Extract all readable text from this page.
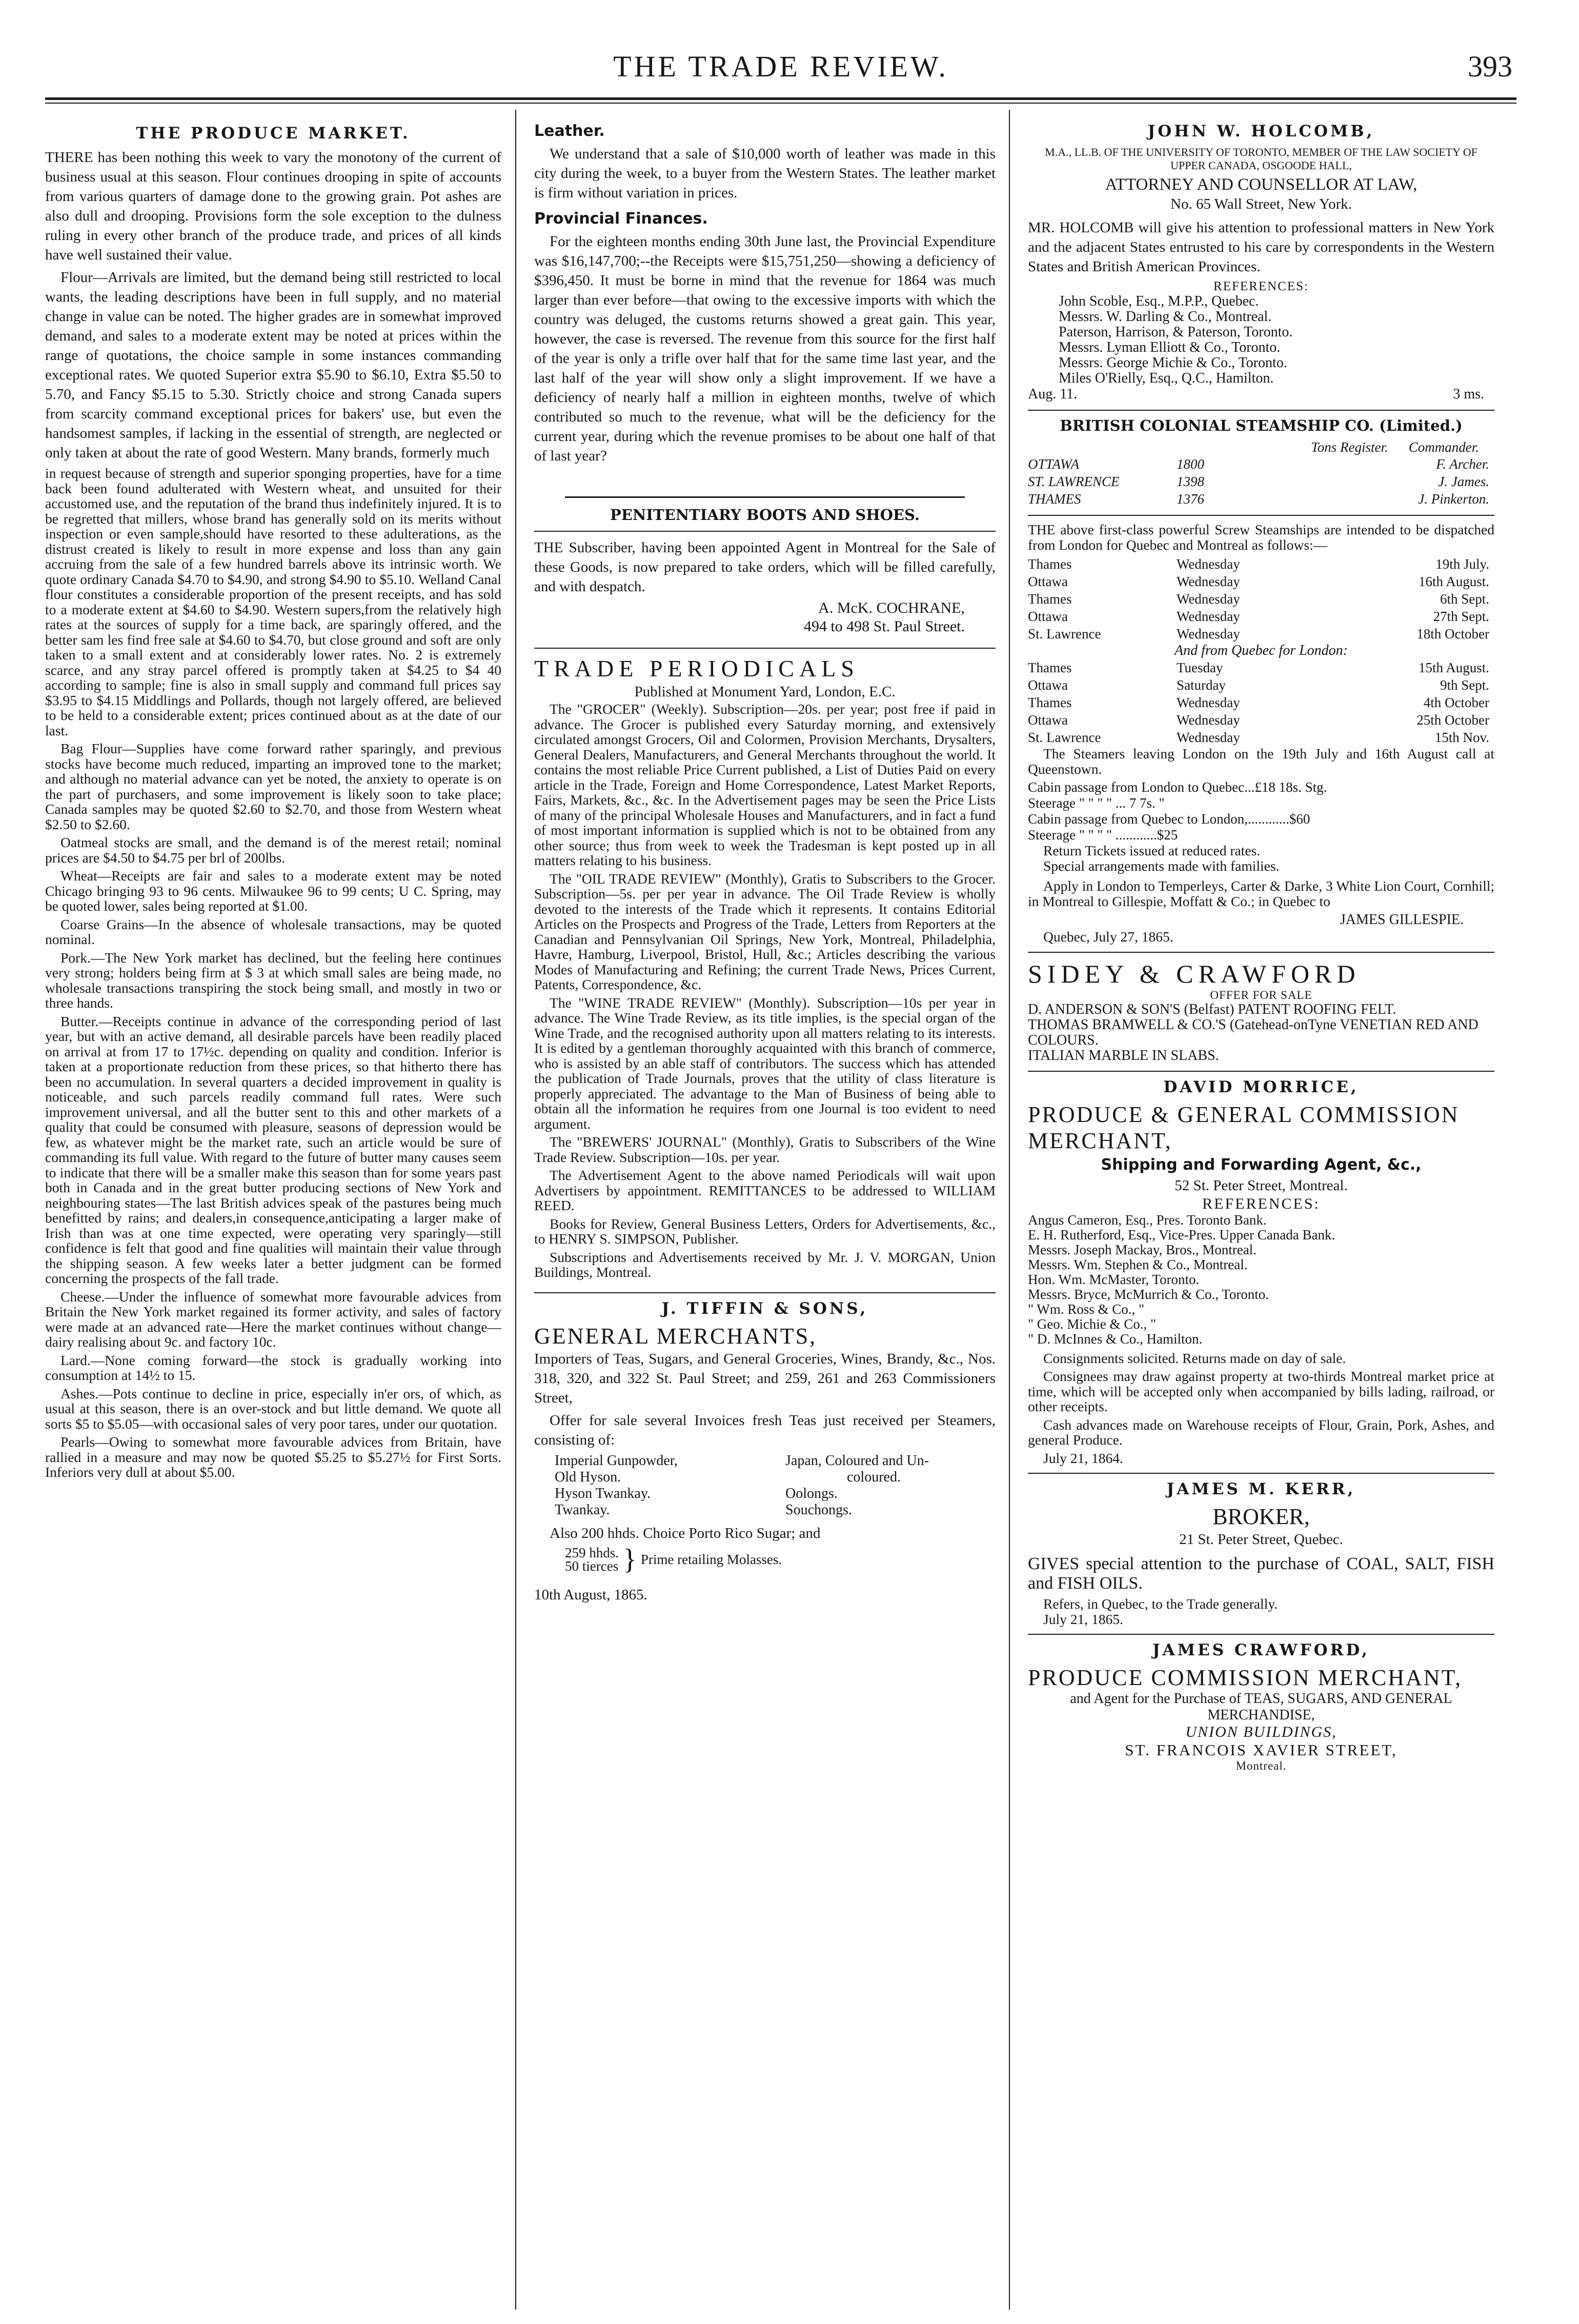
THE TRADE REVIEW.	393
THE PRODUCE MARKET.

THERE has been nothing this week to vary the monotony of the current of business usual at this season. Flour continues drooping in spite of accounts from various quarters of damage done to the growing grain. Pot ashes are also dull and drooping. Provisions form the sole exception to the dulness ruling in every other branch of the produce trade, and prices of all kinds have well sustained their value.

Flour—Arrivals are limited, but the demand being still restricted to local wants, the leading descriptions have been in full supply, and no material change in value can be noted. The higher grades are in somewhat improved demand, and sales to a moderate extent may be noted at prices within the range of quotations, the choice sample in some instances commanding exceptional rates. We quoted Superior extra $5.90 to $6.10, Extra $5.50 to 5.70, and Fancy $5.15 to 5.30. Strictly choice and strong Canada supers from scarcity command exceptional prices for bakers' use, but even the handsomest samples, if lacking in the essential of strength, are neglected or only taken at about the rate of good Western. Many brands, formerly much

in request because of strength and superior sponging properties, have for a time back been found adulterated with Western wheat, and unsuited for their accustomed use, and the reputation of the brand thus indefinitely injured. It is to be regretted that millers, whose brand has generally sold on its merits without inspection or even sample,should have resorted to these adulterations, as the distrust created is likely to result in more expense and loss than any gain accruing from the sale of a few hundred barrels above its intrinsic worth. We quote ordinary Canada $4.70 to $4.90, and strong $4.90 to $5.10. Welland Canal flour constitutes a considerable proportion of the present receipts, and has sold to a moderate extent at $4.60 to $4.90. Western supers,from the relatively high rates at the sources of supply for a time back, are sparingly offered, and the better sam les find free sale at $4.60 to $4.70, but close ground and soft are only taken to a small extent and at considerably lower rates. No. 2 is extremely scarce, and any stray parcel offered is promptly taken at $4.25 to $4 40 according to sample; fine is also in small supply and command full prices say $3.95 to $4.15 Middlings and Pollards, though not largely offered, are believed to be held to a considerable extent; prices continued about as at the date of our last.

Bag Flour—Supplies have come forward rather sparingly, and previous stocks have become much reduced, imparting an improved tone to the market; and although no material advance can yet be noted, the anxiety to operate is on the part of purchasers, and some improvement is likely soon to take place; Canada samples may be quoted $2.60 to $2.70, and those from Western wheat $2.50 to $2.60.

Oatmeal stocks are small, and the demand is of the merest retail; nominal prices are $4.50 to $4.75 per brl of 200lbs.

Wheat—Receipts are fair and sales to a moderate extent may be noted Chicago bringing 93 to 96 cents. Milwaukee 96 to 99 cents; U C. Spring, may be quoted lower, sales being reported at $1.00.

Coarse Grains—In the absence of wholesale transactions, may be quoted nominal.

Pork.—The New York market has declined, but the feeling here continues very strong; holders being firm at $ 3 at which small sales are being made, no wholesale transactions transpiring the stock being small, and mostly in two or three hands.

Butter.—Receipts continue in advance of the corresponding period of last year, but with an active demand, all desirable parcels have been readily placed on arrival at from 17 to 17½c. depending on quality and condition. Inferior is taken at a proportionate reduction from these prices, so that hitherto there has been no accumulation. In several quarters a decided improvement in quality is noticeable, and such parcels readily command full rates. Were such improvement universal, and all the butter sent to this and other markets of a quality that could be consumed with pleasure, seasons of depression would be few, as whatever might be the market rate, such an article would be sure of commanding its full value. With regard to the future of butter many causes seem to indicate that there will be a smaller make this season than for some years past both in Canada and in the great butter producing sections of New York and neighbouring states—The last British advices speak of the pastures being much benefitted by rains; and dealers,in consequence,anticipating a larger make of Irish than was at one time expected, were operating very sparingly—still confidence is felt that good and fine qualities will maintain their value through the shipping season. A few weeks later a better judgment can be formed concerning the prospects of the fall trade.

Cheese.—Under the influence of somewhat more favourable advices from Britain the New York market regained its former activity, and sales of factory were made at an advanced rate—Here the market continues without change—dairy realising about 9c. and factory 10c.

Lard.—None coming forward—the stock is gradually working into consumption at 14½ to 15.

Ashes.—Pots continue to decline in price, especially in'er ors, of which, as usual at this season, there is an over-stock and but little demand. We quote all sorts $5 to $5.05—with occasional sales of very poor tares, under our quotation.

Pearls—Owing to somewhat more favourable advices from Britain, have rallied in a measure and may now be quoted $5.25 to $5.27½ for First Sorts. Inferiors very dull at about $5.00.

Leather.

We understand that a sale of $10,000 worth of leather was made in this city during the week, to a buyer from the Western States. The leather market is firm without variation in prices.

Provincial Finances.

For the eighteen months ending 30th June last, the Provincial Expenditure was $16,147,700;--the Receipts were $15,751,250—showing a deficiency of $396,450. It must be borne in mind that the revenue for 1864 was much larger than ever before—that owing to the excessive imports with which the country was deluged, the customs returns showed a great gain. This year, however, the case is reversed. The revenue from this source for the first half of the year is only a trifle over half that for the same time last year, and the last half of the year will show only a slight improvement. If we have a deficiency of nearly half a million in eighteen months, twelve of which contributed so much to the revenue, what will be the deficiency for the current year, during which the revenue promises to be about one half of that of last year?

PENITENTIARY BOOTS AND SHOES.

THE Subscriber, having been appointed Agent in Montreal for the Sale of these Goods, is now prepared to take orders, which will be filled carefully, and with despatch.

A. McK. COCHRANE,
494 to 498 St. Paul Street.
TRADE PERIODICALS
Published at Monument Yard, London, E.C.

The "GROCER" (Weekly). Subscription—20s. per year; post free if paid in advance. The Grocer is published every Saturday morning, and extensively circulated amongst Grocers, Oil and Colormen, Provision Merchants, Drysalters, General Dealers, Manufacturers, and General Merchants throughout the world. It contains the most reliable Price Current published, a List of Duties Paid on every article in the Trade, Foreign and Home Correspondence, Latest Market Reports, Fairs, Markets, &c., &c. In the Advertisement pages may be seen the Price Lists of many of the principal Wholesale Houses and Manufacturers, and in fact a fund of most important information is supplied which is not to be obtained from any other source; thus from week to week the Tradesman is kept posted up in all matters relating to his business.

The "OIL TRADE REVIEW" (Monthly), Gratis to Subscribers to the Grocer. Subscription—5s. per per year in advance. The Oil Trade Review is wholly devoted to the interests of the Trade which it represents. It contains Editorial Articles on the Prospects and Progress of the Trade, Letters from Reporters at the Canadian and Pennsylvanian Oil Springs, New York, Montreal, Philadelphia, Havre, Hamburg, Liverpool, Bristol, Hull, &c.; Articles describing the various Modes of Manufacturing and Refining; the current Trade News, Prices Current, Patents, Correspondence, &c.

The "WINE TRADE REVIEW" (Monthly). Subscription—10s per year in advance. The Wine Trade Review, as its title implies, is the special organ of the Wine Trade, and the recognised authority upon all matters relating to its interests. It is edited by a gentleman thoroughly acquainted with this branch of commerce, who is assisted by an able staff of contributors. The success which has attended the publication of Trade Journals, proves that the utility of class literature is properly appreciated. The advantage to the Man of Business of being able to obtain all the information he requires from one Journal is too evident to need argument.

The "BREWERS' JOURNAL" (Monthly), Gratis to Subscribers of the Wine Trade Review. Subscription—10s. per year.

The Advertisement Agent to the above named Periodicals will wait upon Advertisers by appointment. REMITTANCES to be addressed to WILLIAM REED.

Books for Review, General Business Letters, Orders for Advertisements, &c., to HENRY S. SIMPSON, Publisher.

Subscriptions and Advertisements received by Mr. J. V. MORGAN, Union Buildings, Montreal.

J. TIFFIN & SONS,
GENERAL MERCHANTS,

Importers of Teas, Sugars, and General Groceries, Wines, Brandy, &c., Nos. 318, 320, and 322 St. Paul Street; and 259, 261 and 263 Commissioners Street,

Offer for sale several Invoices fresh Teas just received per Steamers, consisting of:

Imperial Gunpowder,
Old Hyson.
Hyson Twankay.
Twankay.
Japan, Coloured and Un-
coloured.
Oolongs.
Souchongs.

Also 200 hhds. Choice Porto Rico Sugar; and

259 hhds.
50 tierces } Prime retailing Molasses.
10th August, 1865.
JOHN W. HOLCOMB,
M.A., LL.B. OF THE UNIVERSITY OF TORONTO, MEMBER OF THE LAW SOCIETY OF UPPER CANADA, OSGOODE HALL,
ATTORNEY AND COUNSELLOR AT LAW,
No. 65 Wall Street, New York.

MR. HOLCOMB will give his attention to professional matters in New York and the adjacent States entrusted to his care by correspondents in the Western States and British American Provinces.

REFERENCES:
John Scoble, Esq., M.P.P., Quebec.
Messrs. W. Darling & Co., Montreal.
Paterson, Harrison, & Paterson, Toronto.
Messrs. Lyman Elliott & Co., Toronto.
Messrs. George Michie & Co., Toronto.
Miles O'Rielly, Esq., Q.C., Hamilton.
Aug. 11.	3 ms.
BRITISH COLONIAL STEAMSHIP CO. (Limited.)
Tons Register. Commander.
OTTAWA	1800	F. Archer.
ST. LAWRENCE	1398	J. James.
THAMES	1376	J. Pinkerton.

THE above first-class powerful Screw Steamships are intended to be dispatched from London for Quebec and Montreal as follows:—

Thames	Wednesday	19th July.
Ottawa	Wednesday	16th August.
Thames	Wednesday	6th Sept.
Ottawa	Wednesday	27th Sept.
St. Lawrence	Wednesday	18th October
And from Quebec for London:
Thames	Tuesday	15th August.
Ottawa	Saturday	9th Sept.
Thames	Wednesday	4th October
Ottawa	Wednesday	25th October
St. Lawrence	Wednesday	15th Nov.

The Steamers leaving London on the 19th July and 16th August call at Queenstown.

Cabin passage from London to Quebec...£18 18s. Stg.
Steerage " " " " ... 7 7s. "
Cabin passage from Quebec to London,............$60
Steerage " " " " ............$25
Return Tickets issued at reduced rates.
Special arrangements made with families.

Apply in London to Temperleys, Carter & Darke, 3 White Lion Court, Cornhill; in Montreal to Gillespie, Moffatt & Co.; in Quebec to

JAMES GILLESPIE.
Quebec, July 27, 1865.
SIDEY & CRAWFORD
OFFER FOR SALE
D. ANDERSON & SON'S (Belfast) PATENT ROOFING FELT.
THOMAS BRAMWELL & CO.'S (Gatehead-onTyne VENETIAN RED AND COLOURS.
ITALIAN MARBLE IN SLABS.
DAVID MORRICE,
PRODUCE & GENERAL COMMISSION MERCHANT,
Shipping and Forwarding Agent, &c.,
52 St. Peter Street, Montreal.
REFERENCES:
Angus Cameron, Esq., Pres. Toronto Bank.
E. H. Rutherford, Esq., Vice-Pres. Upper Canada Bank.
Messrs. Joseph Mackay, Bros., Montreal.
Messrs. Wm. Stephen & Co., Montreal.
Hon. Wm. McMaster, Toronto.
Messrs. Bryce, McMurrich & Co., Toronto.
" Wm. Ross & Co., "
" Geo. Michie & Co., "
" D. McInnes & Co., Hamilton.

Consignments solicited. Returns made on day of sale.

Consignees may draw against property at two-thirds Montreal market price at time, which will be accepted only when accompanied by bills lading, railroad, or other receipts.

Cash advances made on Warehouse receipts of Flour, Grain, Pork, Ashes, and general Produce.

July 21, 1864.
JAMES M. KERR,
BROKER,
21 St. Peter Street, Quebec.

GIVES special attention to the purchase of COAL, SALT, FISH and FISH OILS.

Refers, in Quebec, to the Trade generally.
July 21, 1865.
JAMES CRAWFORD,
PRODUCE COMMISSION MERCHANT,
and Agent for the Purchase of TEAS, SUGARS, AND GENERAL MERCHANDISE,
UNION BUILDINGS,
ST. FRANCOIS XAVIER STREET,
Montreal.
